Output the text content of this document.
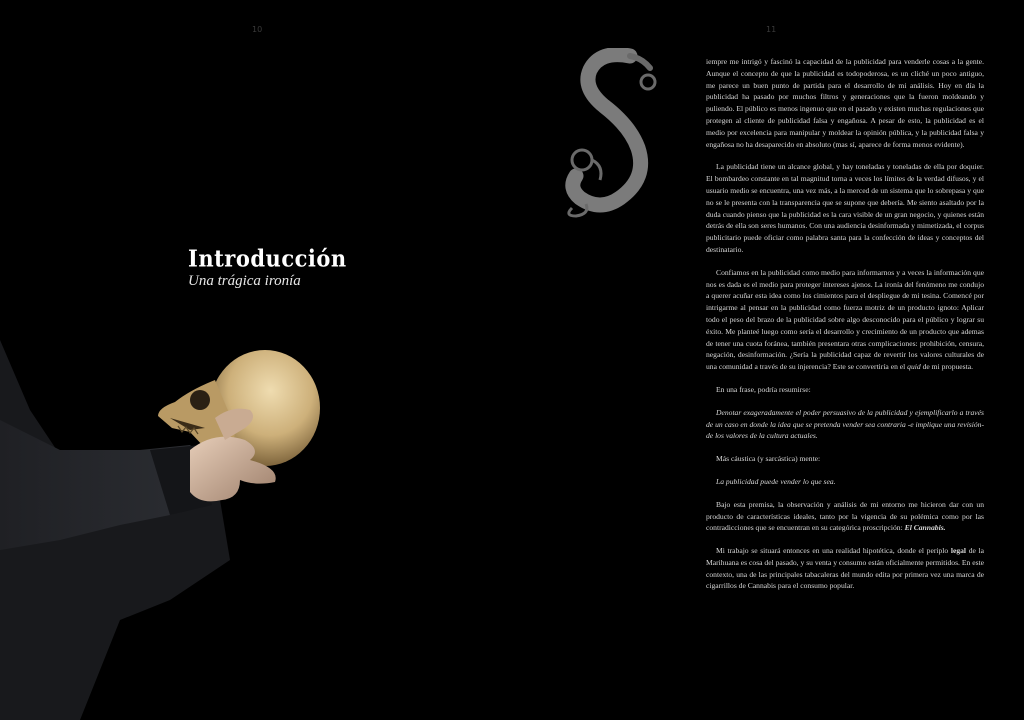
10	11
Introducción
Una trágica ironía
S

iempre me intrigó y fascinó la capacidad de la publicidad para venderle cosas a la gente. Aunque el concepto de que la publicidad es todopoderosa, es un cliché un poco antiguo, me parece un buen punto de partida para el desarrollo de mi análisis. Hoy en día la publicidad ha pasado por muchos filtros y generaciones que la fueron moldeando y puliendo. El público es menos ingenuo que en el pasado y existen muchas regulaciones que protegen al cliente de publicidad falsa y engañosa. A pesar de esto, la publicidad es el medio por excelencia para manipular y moldear la opinión pública, y la publicidad falsa y engañosa no ha desaparecido en absoluto (mas sí, aparece de forma menos evidente).

La publicidad tiene un alcance global, y hay toneladas y toneladas de ella por doquier. El bombardeo constante en tal magnitud torna a veces los límites de la verdad difusos, y el usuario medio se encuentra, una vez más, a la merced de un sistema que lo sobrepasa y que no se le presenta con la transparencia que se supone que debería. Me siento asaltado por la duda cuando pienso que la publicidad es la cara visible de un gran negocio, y quienes están detrás de ella son seres humanos. Con una audiencia desinformada y mimetizada, el corpus publicitario puede oficiar como palabra santa para la confección de ideas y conceptos del destinatario.

Confiamos en la publicidad como medio para informarnos y a veces la información que nos es dada es el medio para proteger intereses ajenos. La ironía del fenómeno me condujo a querer acuñar esta idea como los cimientos para el despliegue de mi tesina. Comencé por intrigarme al pensar en la publicidad como fuerza motriz de un producto ignoto: Aplicar todo el peso del brazo de la publicidad sobre algo desconocido para el público y lograr su éxito. Me planteé luego como sería el desarrollo y crecimiento de un producto que ademas de tener una cuota foránea, también presentara otras complicaciones: prohibición, censura, negación, desinformación. ¿Sería la publicidad capaz de revertir los valores culturales de una comunidad a través de su injerencia? Este se convertiría en el quid de mi propuesta.

En una frase, podría resumirse:

Denotar exageradamente el poder persuasivo de la publicidad y ejemplificarlo a través de un caso en donde la idea que se pretenda vender sea contraria -e implique una revisión- de los valores de la cultura actuales.

Más cáustica (y sarcástica) mente:

La publicidad puede vender lo que sea.

Bajo esta premisa, la observación y análisis de mi entorno me hicieron dar con un producto de características ideales, tanto por la vigencia de su polémica como por las contradicciones que se encuentran en su categórica proscripción: El Cannabis.

Mi trabajo se situará entonces en una realidad hipotética, donde el periplo legal de la Marihuana es cosa del pasado, y su venta y consumo están oficialmente permitidos. En este contexto, una de las principales tabacaleras del mundo edita por primera vez una marca de cigarrillos de Cannabis para el consumo popular.
